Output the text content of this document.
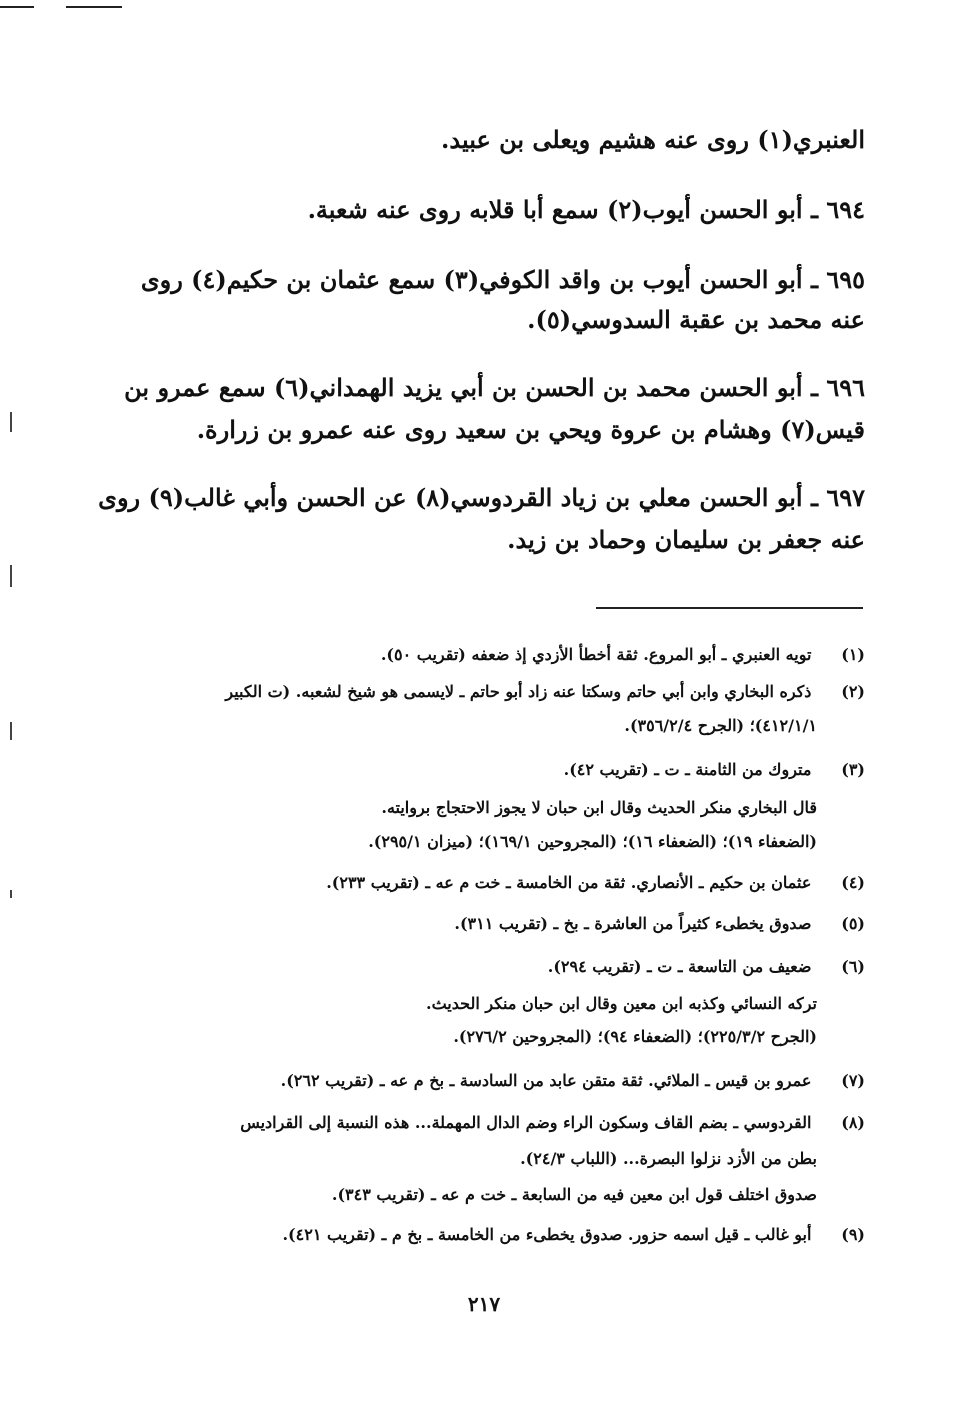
العنبري(١) روى عنه هشيم ويعلى بن عبيد.
٦٩٤ ـ أبو الحسن أيوب(٢) سمع أبا قلابه روى عنه شعبة.
٦٩٥ ـ أبو الحسن أيوب بن واقد الكوفي(٣) سمع عثمان بن حكيم(٤) روى
عنه محمد بن عقبة السدوسي(٥).
٦٩٦ ـ أبو الحسن محمد بن الحسن بن أبي يزيد الهمداني(٦) سمع عمرو بن
قيس(٧) وهشام بن عروة ويحي بن سعيد روى عنه عمرو بن زرارة.
٦٩٧ ـ أبو الحسن معلي بن زياد القردوسي(٨) عن الحسن وأبي غالب(٩) روى
عنه جعفر بن سليمان وحماد بن زيد.
(١) تويه العنبري ـ أبو المروع. ثقة أخطأ الأزدي إذ ضعفه (تقريب ٥٠).
(٢) ذكره البخاري وابن أبي حاتم وسكتا عنه زاد أبو حاتم ـ لايسمى هو شيخ لشعبه. (ت الكبير
٤١٢/١/١)؛ (الجرح ٣٥٦/٢/٤).
(٣) متروك من الثامنة ـ ت ـ (تقريب ٤٢).
قال البخاري منكر الحديث وقال ابن حبان لا يجوز الاحتجاج بروايته.
(الضعفاء ١٩)؛ (الضعفاء ١٦)؛ (المجروحين ١٦٩/١)؛ (ميزان ٢٩٥/١).
(٤) عثمان بن حكيم ـ الأنصاري. ثقة من الخامسة ـ خت م عه ـ (تقريب ٢٣٣).
(٥) صدوق يخطىء كثيراً من العاشرة ـ بخ ـ (تقريب ٣١١).
(٦) ضعيف من التاسعة ـ ت ـ (تقريب ٢٩٤).
تركه النسائي وكذبه ابن معين وقال ابن حبان منكر الحديث.
(الجرح ٢٢٥/٣/٢)؛ (الضعفاء ٩٤)؛ (المجروحين ٢٧٦/٢).
(٧) عمرو بن قيس ـ الملائي. ثقة متقن عابد من السادسة ـ بخ م عه ـ (تقريب ٢٦٢).
(٨) القردوسي ـ بضم القاف وسكون الراء وضم الدال المهملة... هذه النسبة إلى القراديس
بطن من الأزد نزلوا البصرة... (اللباب ٢٤/٣).
صدوق اختلف قول ابن معين فيه من السابعة ـ خت م عه ـ (تقريب ٣٤٣).
(٩) أبو غالب ـ قيل اسمه حزور. صدوق يخطىء من الخامسة ـ بخ م ـ (تقريب ٤٢١).
٢١٧
